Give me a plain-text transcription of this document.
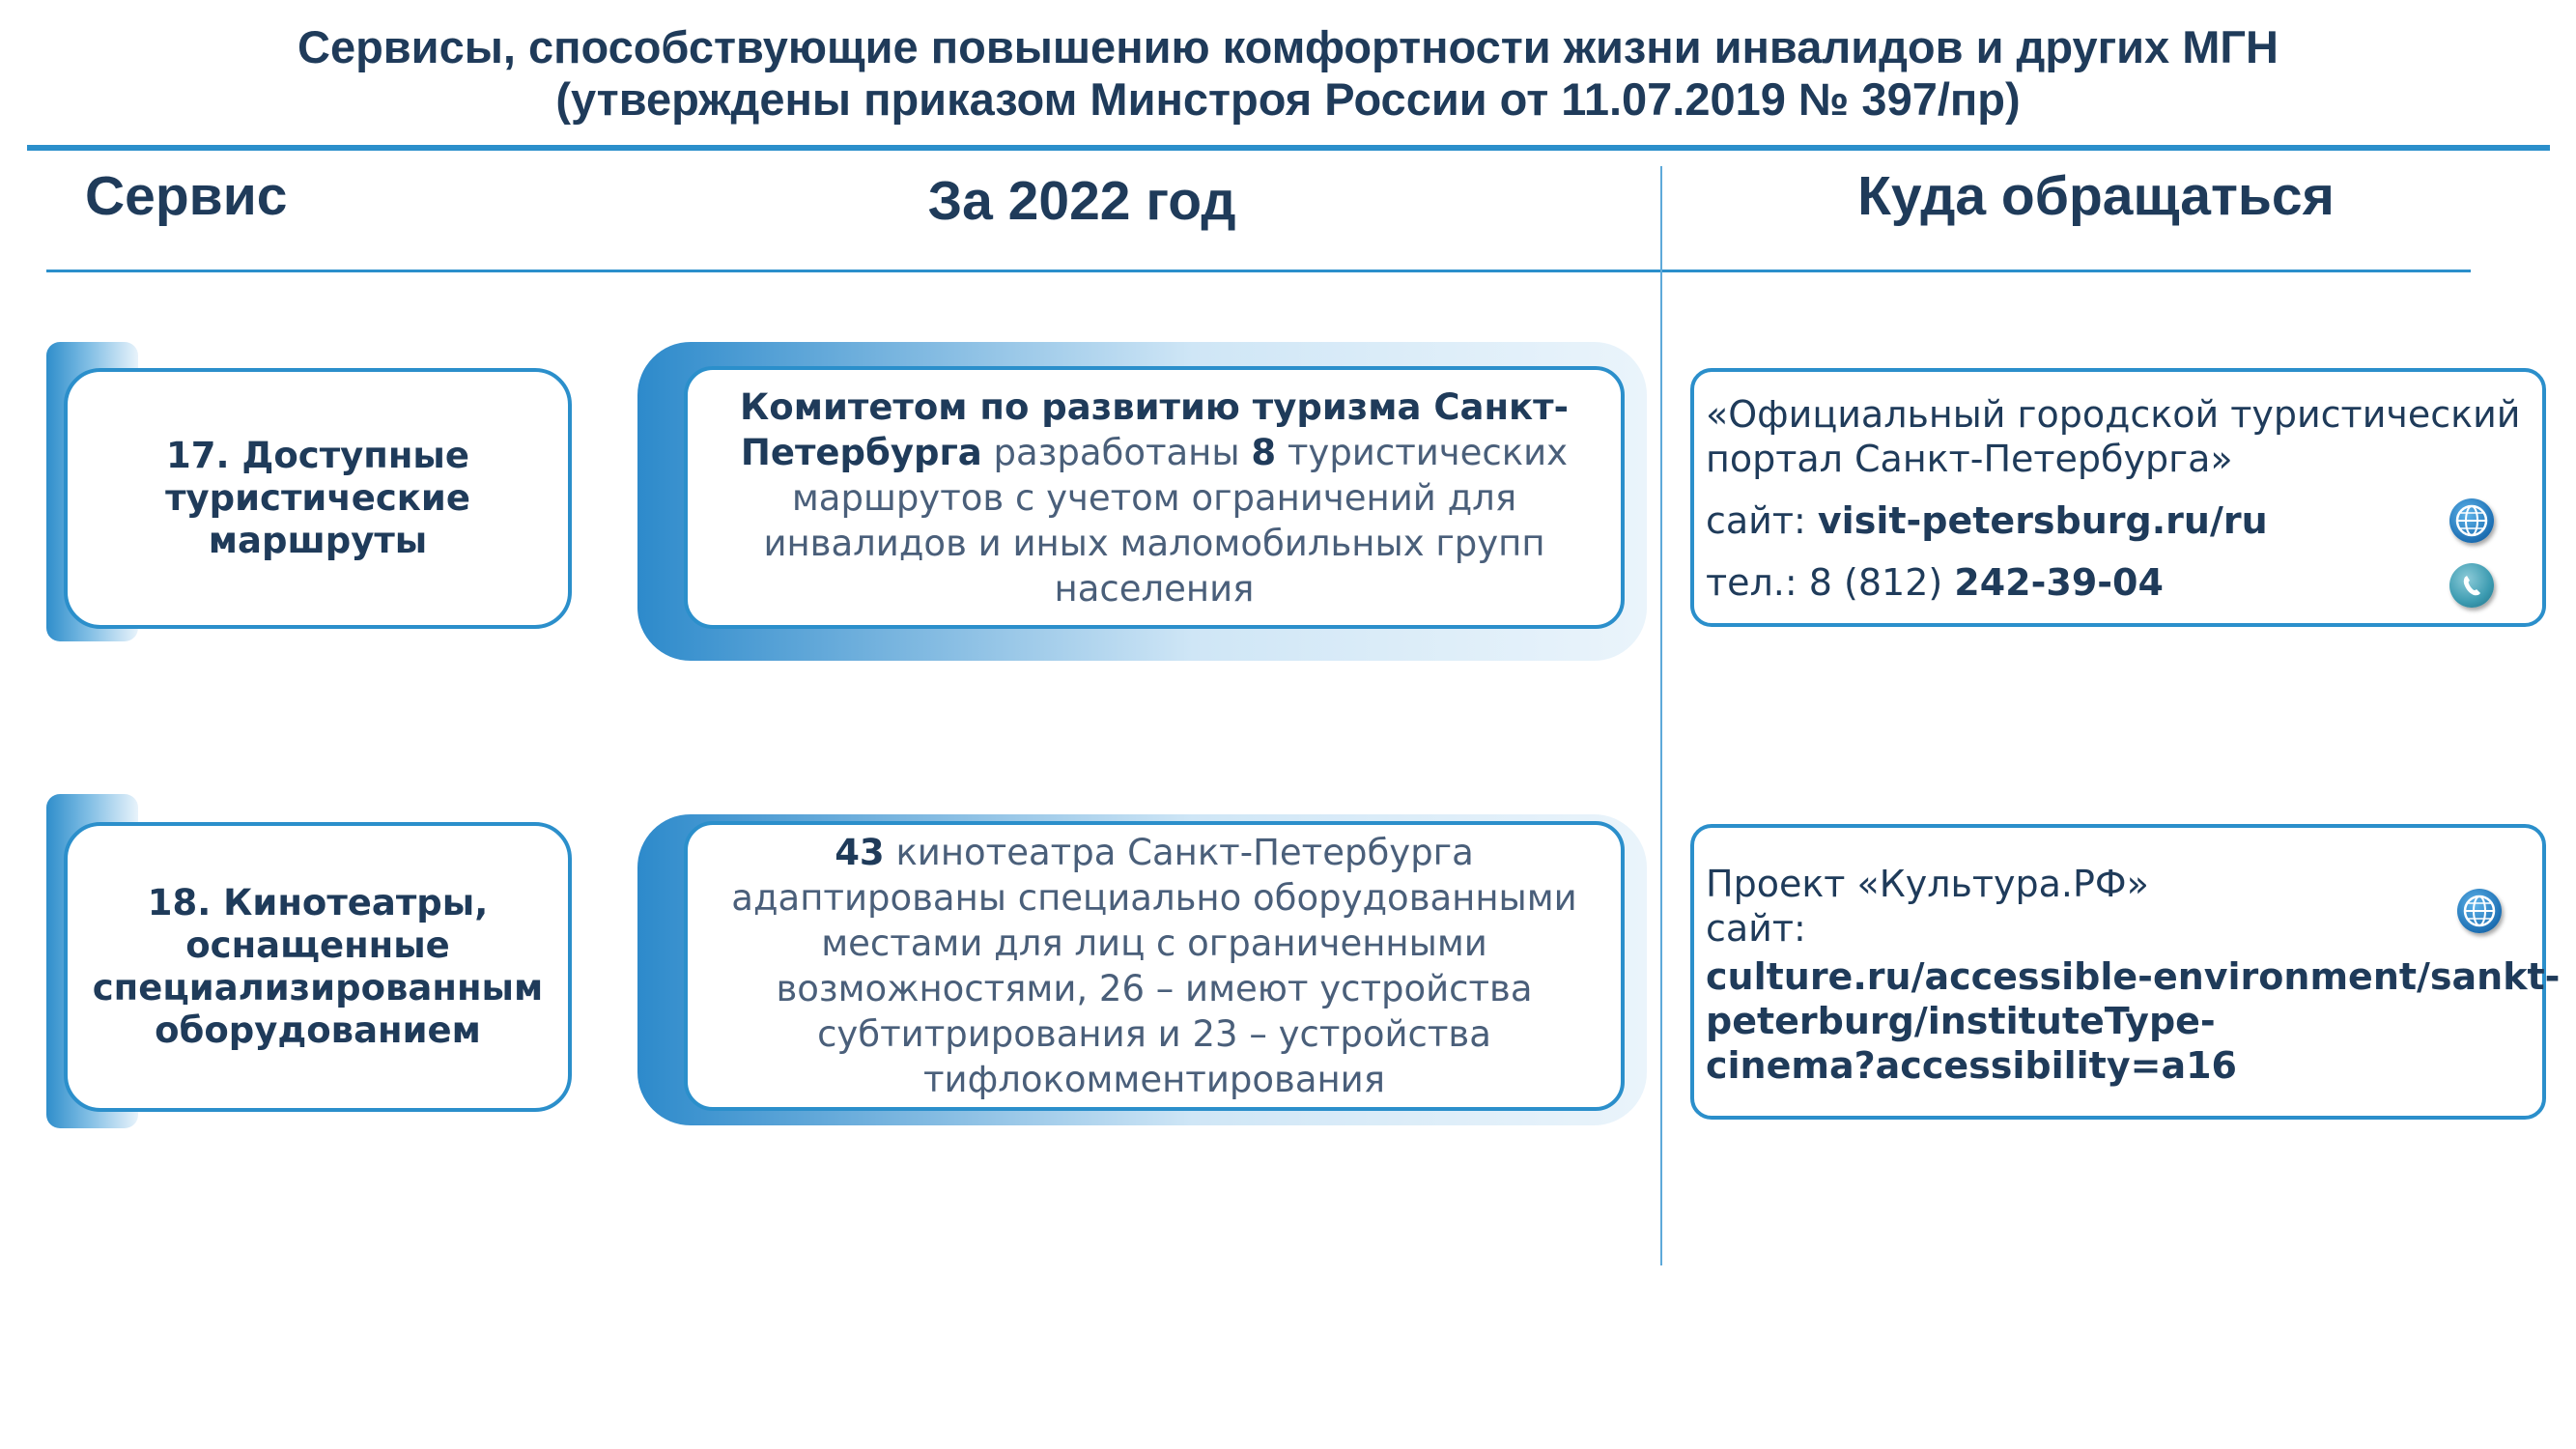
Сервисы, способствующие повышению комфортности жизни инвалидов и других МГН
(утверждены приказом Минстроя России от 11.07.2019 № 397/пр)
Сервис	За 2022 год	Куда обращаться
17. Доступные туристические маршруты
Комитетом по развитию туризма Санкт-Петербурга разработаны 8 туристических маршрутов с учетом ограничений для инвалидов и иных маломобильных групп населения
«Официальный городской туристический
портал Санкт-Петербурга»
сайт: visit-petersburg.ru/ru
тел.: 8 (812) 242-39-04
18. Кинотеатры, оснащенные специализированным оборудованием
43 кинотеатра Санкт-Петербурга адаптированы специально оборудованными местами для лиц с ограниченными возможностями, 26 – имеют устройства субтитрирования и 23 – устройства тифлокомментирования
Проект «Культура.РФ»
сайт:
culture.ru/accessible-environment/sankt-
peterburg/instituteType-
cinema?accessibility=a16
